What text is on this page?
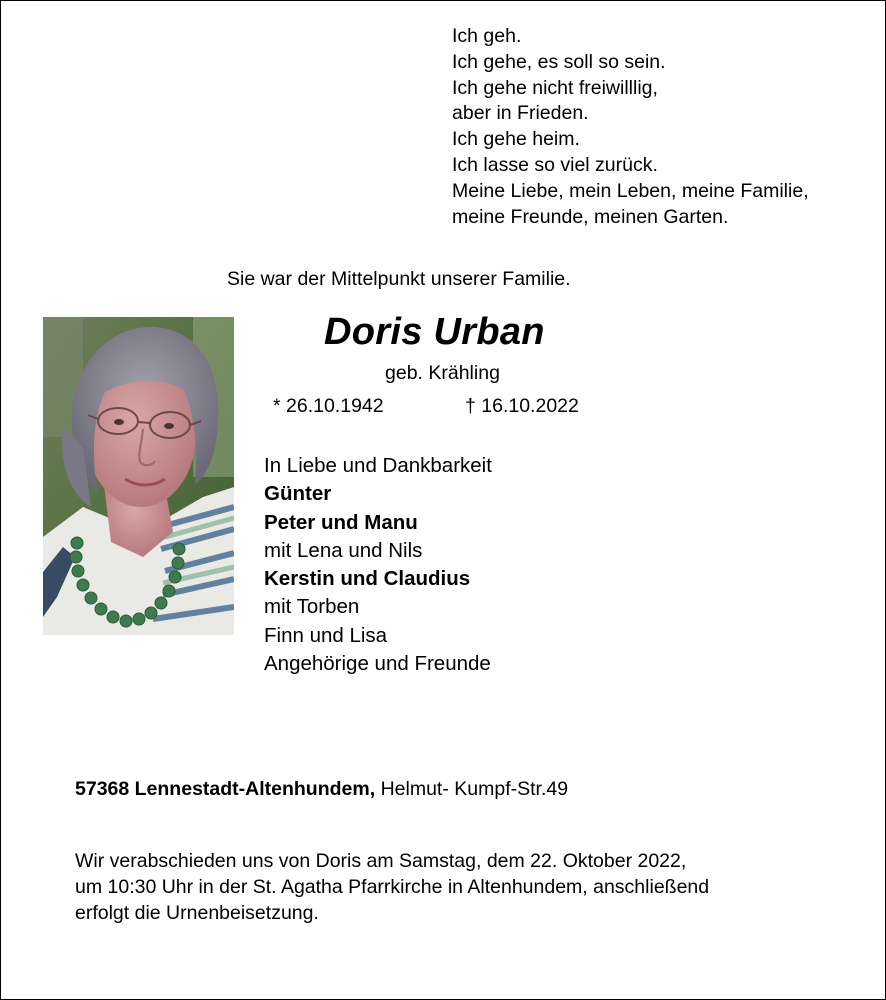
Ich geh.
Ich gehe, es soll so sein.
Ich gehe nicht freiwilllig,
aber in Frieden.
Ich gehe heim.
Ich lasse so viel zurück.
Meine Liebe, mein Leben, meine Familie,
meine Freunde, meinen Garten.
Sie war der Mittelpunkt unserer Familie.
Doris Urban
geb. Krähling
* 26.10.1942	† 16.10.2022
In Liebe und Dankbarkeit
Günter
Peter und Manu
mit Lena und Nils
Kerstin und Claudius
mit Torben
Finn und Lisa
Angehörige und Freunde
57368 Lennestadt-Altenhundem, Helmut- Kumpf-Str.49
Wir verabschieden uns von Doris am Samstag, dem 22. Oktober 2022,
um 10:30 Uhr in der St. Agatha Pfarrkirche in Altenhundem, anschließend
erfolgt die Urnenbeisetzung.
